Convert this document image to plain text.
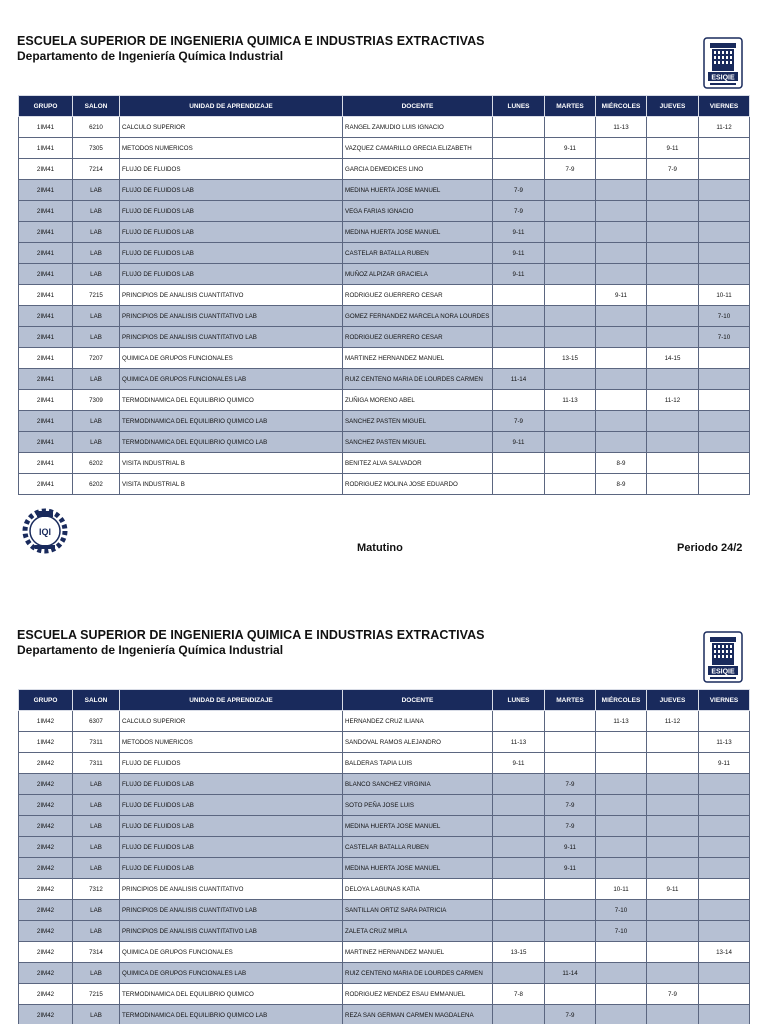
ESCUELA SUPERIOR DE INGENIERIA QUIMICA E INDUSTRIAS EXTRACTIVAS
Departamento de Ingeniería Química Industrial
ESIQIE
GRUPO	SALON	UNIDAD DE APRENDIZAJE	DOCENTE	LUNES	MARTES	MIÉRCOLES	JUEVES	VIERNES
1IM41	6210	CALCULO SUPERIOR	RANGEL ZAMUDIO LUIS IGNACIO			11-13		11-12
1IM41	7305	METODOS NUMERICOS	VAZQUEZ CAMARILLO GRECIA ELIZABETH		9-11		9-11	
2IM41	7214	FLUJO DE FLUIDOS	GARCIA DEMEDICES LINO		7-9		7-9	
2IM41	LAB	FLUJO DE FLUIDOS LAB	MEDINA HUERTA JOSE MANUEL	7-9				
2IM41	LAB	FLUJO DE FLUIDOS LAB	VEGA FARIAS IGNACIO	7-9				
2IM41	LAB	FLUJO DE FLUIDOS LAB	MEDINA HUERTA JOSE MANUEL	9-11				
2IM41	LAB	FLUJO DE FLUIDOS LAB	CASTELAR BATALLA RUBEN	9-11				
2IM41	LAB	FLUJO DE FLUIDOS LAB	MUÑOZ ALPIZAR GRACIELA	9-11				
2IM41	7215	PRINCIPIOS DE ANALISIS CUANTITATIVO	RODRIGUEZ GUERRERO CESAR			9-11		10-11
2IM41	LAB	PRINCIPIOS DE ANALISIS CUANTITATIVO LAB	GOMEZ FERNANDEZ MARCELA NORA LOURDES					7-10
2IM41	LAB	PRINCIPIOS DE ANALISIS CUANTITATIVO LAB	RODRIGUEZ GUERRERO CESAR					7-10
2IM41	7207	QUIMICA DE GRUPOS FUNCIONALES	MARTINEZ HERNANDEZ MANUEL		13-15		14-15	
2IM41	LAB	QUIMICA DE GRUPOS FUNCIONALES LAB	RUIZ CENTENO MARIA DE LOURDES CARMEN	11-14				
2IM41	7309	TERMODINAMICA DEL EQUILIBRIO QUIMICO	ZUÑIGA MORENO ABEL		11-13		11-12	
2IM41	LAB	TERMODINAMICA DEL EQUILIBRIO QUIMICO LAB	SANCHEZ PASTEN MIGUEL	7-9				
2IM41	LAB	TERMODINAMICA DEL EQUILIBRIO QUIMICO LAB	SANCHEZ PASTEN MIGUEL	9-11				
2IM41	6202	VISITA INDUSTRIAL B	BENITEZ ALVA SALVADOR			8-9		
2IM41	6202	VISITA INDUSTRIAL B	RODRIGUEZ MOLINA JOSE EDUARDO			8-9		
IQI
Matutino	Periodo 24/2
ESCUELA SUPERIOR DE INGENIERIA QUIMICA E INDUSTRIAS EXTRACTIVAS
Departamento de Ingeniería Química Industrial
ESIQIE
GRUPO	SALON	UNIDAD DE APRENDIZAJE	DOCENTE	LUNES	MARTES	MIÉRCOLES	JUEVES	VIERNES
1IM42	6307	CALCULO SUPERIOR	HERNANDEZ CRUZ ILIANA			11-13	11-12	
1IM42	7311	METODOS NUMERICOS	SANDOVAL RAMOS ALEJANDRO	11-13				11-13
2IM42	7311	FLUJO DE FLUIDOS	BALDERAS TAPIA LUIS	9-11				9-11
2IM42	LAB	FLUJO DE FLUIDOS LAB	BLANCO SANCHEZ VIRGINIA		7-9			
2IM42	LAB	FLUJO DE FLUIDOS LAB	SOTO PEÑA JOSE LUIS		7-9			
2IM42	LAB	FLUJO DE FLUIDOS LAB	MEDINA HUERTA JOSE MANUEL		7-9			
2IM42	LAB	FLUJO DE FLUIDOS LAB	CASTELAR BATALLA RUBEN		9-11			
2IM42	LAB	FLUJO DE FLUIDOS LAB	MEDINA HUERTA JOSE MANUEL		9-11			
2IM42	7312	PRINCIPIOS DE ANALISIS CUANTITATIVO	DELOYA LAGUNAS KATIA			10-11	9-11	
2IM42	LAB	PRINCIPIOS DE ANALISIS CUANTITATIVO LAB	SANTILLAN ORTIZ SARA PATRICIA			7-10		
2IM42	LAB	PRINCIPIOS DE ANALISIS CUANTITATIVO LAB	ZALETA CRUZ MIRLA			7-10		
2IM42	7314	QUIMICA DE GRUPOS FUNCIONALES	MARTINEZ HERNANDEZ MANUEL	13-15				13-14
2IM42	LAB	QUIMICA DE GRUPOS FUNCIONALES LAB	RUIZ CENTENO MARIA DE LOURDES CARMEN		11-14			
2IM42	7215	TERMODINAMICA DEL EQUILIBRIO QUIMICO	RODRIGUEZ MENDEZ ESAU EMMANUEL	7-8			7-9	
2IM42	LAB	TERMODINAMICA DEL EQUILIBRIO QUIMICO LAB	REZA SAN GERMAN CARMEN MAGDALENA		7-9			
